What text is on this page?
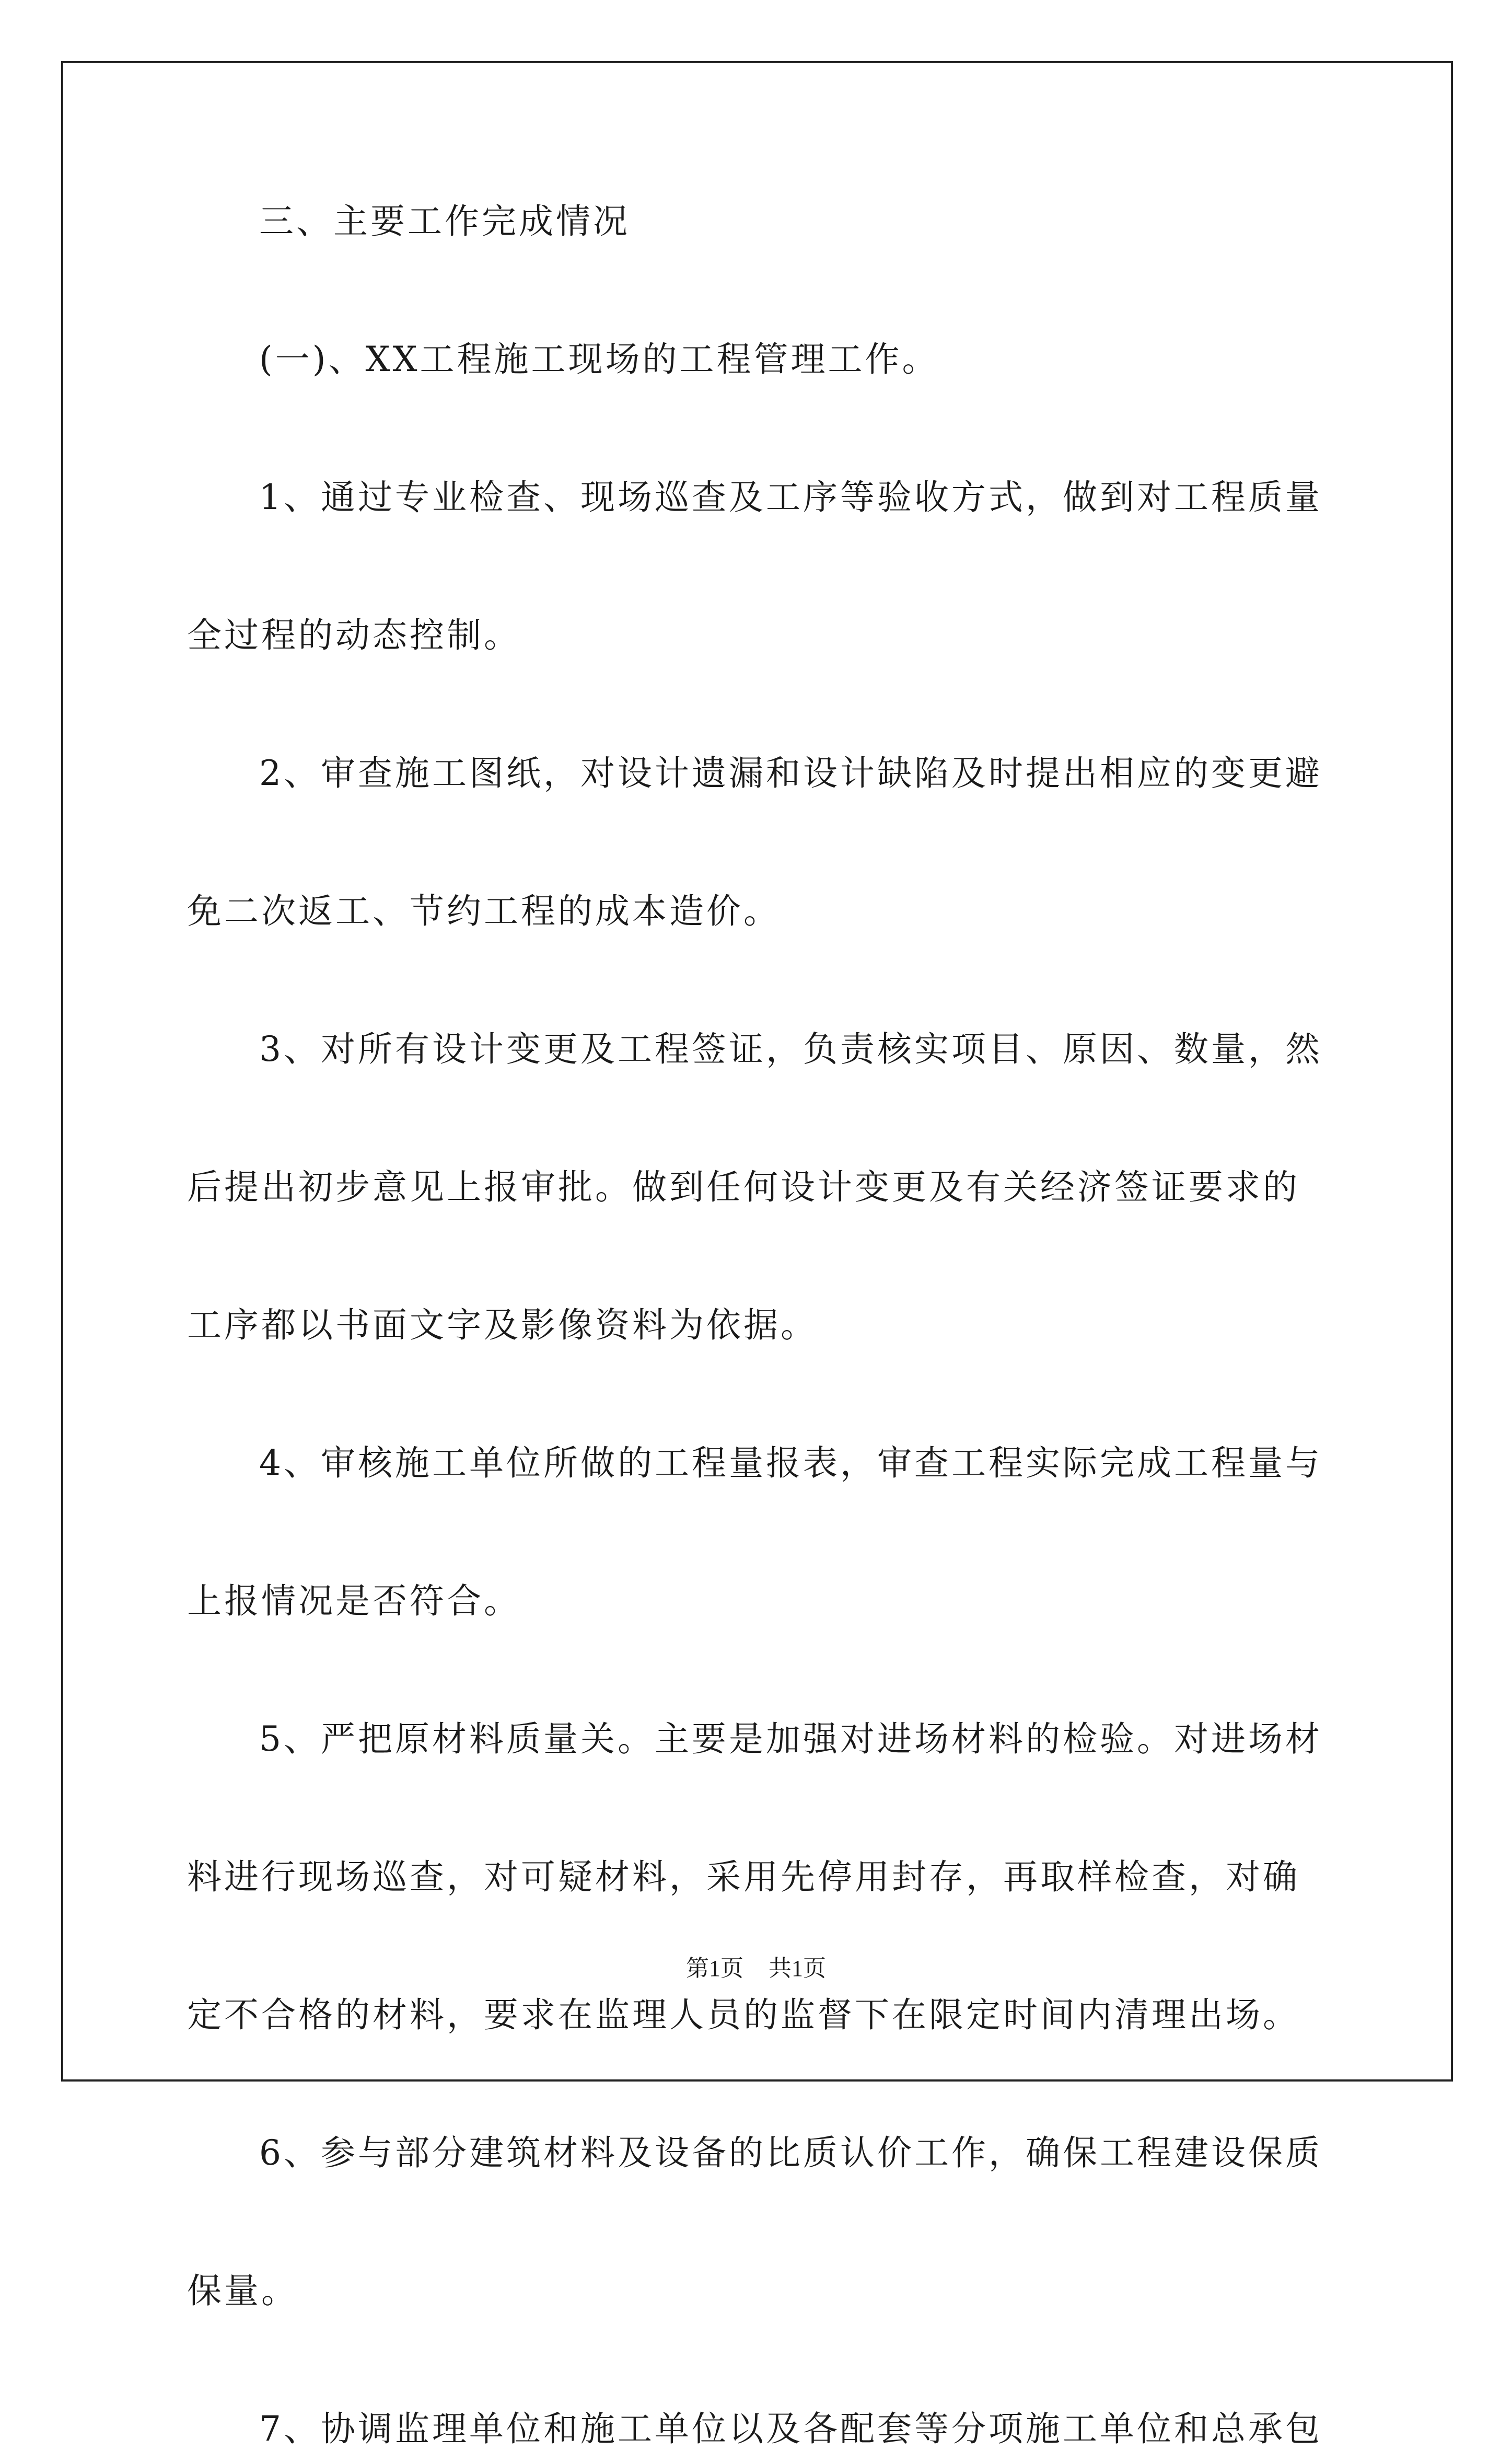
三、主要工作完成情况
(一)、XX工程施工现场的工程管理工作。
1、通过专业检查、现场巡查及工序等验收方式，做到对工程质量
全过程的动态控制。
2、审查施工图纸，对设计遗漏和设计缺陷及时提出相应的变更避
免二次返工、节约工程的成本造价。
3、对所有设计变更及工程签证，负责核实项目、原因、数量，然
后提出初步意见上报审批。做到任何设计变更及有关经济签证要求的
工序都以书面文字及影像资料为依据。
4、审核施工单位所做的工程量报表，审查工程实际完成工程量与
上报情况是否符合。
5、严把原材料质量关。主要是加强对进场材料的检验。对进场材
料进行现场巡查，对可疑材料，采用先停用封存，再取样检查，对确
定不合格的材料，要求在监理人员的监督下在限定时间内清理出场。
6、参与部分建筑材料及设备的比质认价工作，确保工程建设保质
保量。
7、协调监理单位和施工单位以及各配套等分项施工单位和总承包
第1页 共1页
